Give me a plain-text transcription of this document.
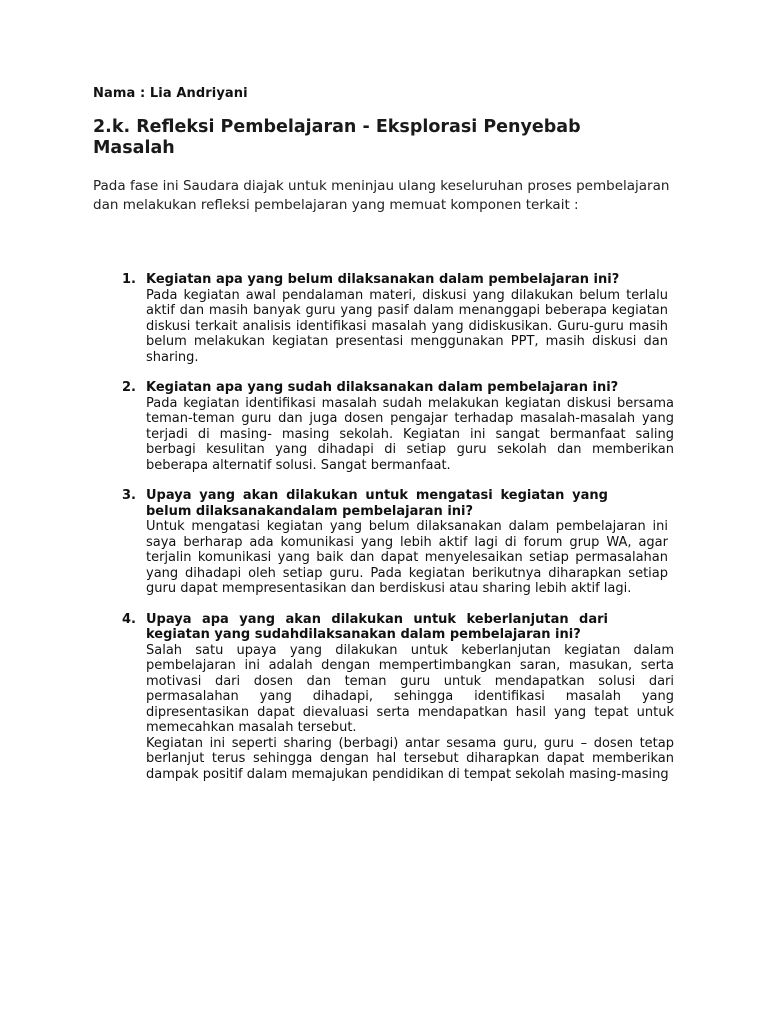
Nama : Lia Andriyani
2.k. Refleksi Pembelajaran - Eksplorasi Penyebab Masalah

Pada fase ini Saudara diajak untuk meninjau ulang keseluruhan proses pembelajaran dan melakukan refleksi pembelajaran yang memuat komponen terkait :

1. Kegiatan apa yang belum dilaksanakan dalam pembelajaran ini?

Pada kegiatan awal pendalaman materi, diskusi yang dilakukan belum terlalu aktif dan masih banyak guru yang pasif dalam menanggapi beberapa kegiatan diskusi terkait analisis identifikasi masalah yang didiskusikan. Guru-guru masih belum melakukan kegiatan presentasi menggunakan PPT, masih diskusi dan sharing.

2. Kegiatan apa yang sudah dilaksanakan dalam pembelajaran ini?

Pada kegiatan identifikasi masalah sudah melakukan kegiatan diskusi bersama teman-teman guru dan juga dosen pengajar terhadap masalah-masalah yang terjadi di masing- masing sekolah. Kegiatan ini sangat bermanfaat saling berbagi kesulitan yang dihadapi di setiap guru sekolah dan memberikan beberapa alternatif solusi. Sangat bermanfaat.

3. Upaya yang akan dilakukan untuk mengatasi kegiatan yang belum dilaksanakandalam pembelajaran ini?

Untuk mengatasi kegiatan yang belum dilaksanakan dalam pembelajaran ini saya berharap ada komunikasi yang lebih aktif lagi di forum grup WA, agar terjalin komunikasi yang baik dan dapat menyelesaikan setiap permasalahan yang dihadapi oleh setiap guru. Pada kegiatan berikutnya diharapkan setiap guru dapat mempresentasikan dan berdiskusi atau sharing lebih aktif lagi.

4. Upaya apa yang akan dilakukan untuk keberlanjutan dari kegiatan yang sudahdilaksanakan dalam pembelajaran ini?

Salah satu upaya yang dilakukan untuk keberlanjutan kegiatan dalam pembelajaran ini adalah dengan mempertimbangkan saran, masukan, serta motivasi dari dosen dan teman guru untuk mendapatkan solusi dari permasalahan yang dihadapi, sehingga identifikasi masalah yang dipresentasikan dapat dievaluasi serta mendapatkan hasil yang tepat untuk memecahkan masalah tersebut.

Kegiatan ini seperti sharing (berbagi) antar sesama guru, guru – dosen tetap berlanjut terus sehingga dengan hal tersebut diharapkan dapat memberikan dampak positif dalam memajukan pendidikan di tempat sekolah masing-masing
